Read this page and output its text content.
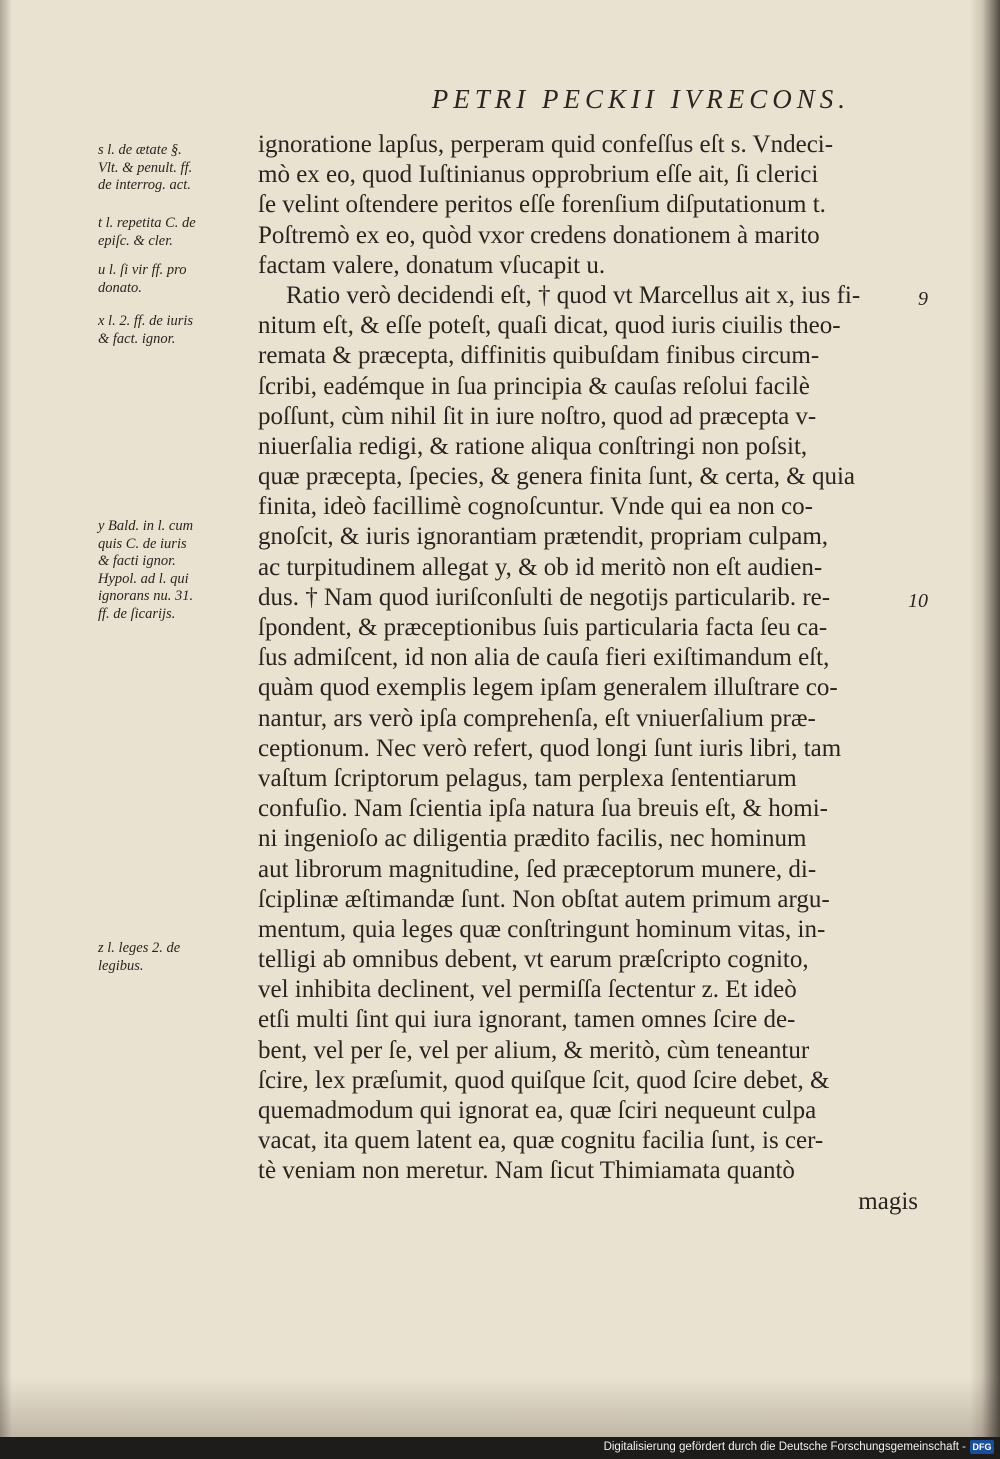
PETRI PECKII IVRECONS.
ignoratione lapſus, perperam quid confeſſus eſt s. Vndeci-
mò ex eo, quod Iuſtinianus opprobrium eſſe ait, ſi clerici
ſe velint oſtendere peritos eſſe forenſium diſputationum t.
Poſtremò ex eo, quòd vxor credens donationem à marito
factam valere, donatum vſucapit u.
Ratio verò decidendi eſt, † quod vt Marcellus ait x, ius fi-
nitum eſt, & eſſe poteſt, quaſi dicat, quod iuris ciuilis theo-
remata & præcepta, diffinitis quibuſdam finibus circum-
ſcribi, eadémque in ſua principia & cauſas reſolui facilè
poſſunt, cùm nihil ſit in iure noſtro, quod ad præcepta v-
niuerſalia redigi, & ratione aliqua conſtringi non poſsit,
quæ præcepta, ſpecies, & genera finita ſunt, & certa, & quia
finita, ideò facillimè cognoſcuntur. Vnde qui ea non co-
gnoſcit, & iuris ignorantiam prætendit, propriam culpam,
ac turpitudinem allegat y, & ob id meritò non eſt audien-
dus. † Nam quod iuriſconſulti de negotijs particularib. re-
ſpondent, & præceptionibus ſuis particularia facta ſeu ca-
ſus admiſcent, id non alia de cauſa fieri exiſtimandum eſt,
quàm quod exemplis legem ipſam generalem illuſtrare co-
nantur, ars verò ipſa comprehenſa, eſt vniuerſalium præ-
ceptionum. Nec verò refert, quod longi ſunt iuris libri, tam
vaſtum ſcriptorum pelagus, tam perplexa ſententiarum
confuſio. Nam ſcientia ipſa natura ſua breuis eſt, & homi-
ni ingenioſo ac diligentia prædito facilis, nec hominum
aut librorum magnitudine, ſed præceptorum munere, di-
ſciplinæ æſtimandæ ſunt. Non obſtat autem primum argu-
mentum, quia leges quæ conſtringunt hominum vitas, in-
telligi ab omnibus debent, vt earum præſcripto cognito,
vel inhibita declinent, vel permiſſa ſectentur z. Et ideò
etſi multi ſint qui iura ignorant, tamen omnes ſcire de-
bent, vel per ſe, vel per alium, & meritò, cùm teneantur
ſcire, lex præſumit, quod quiſque ſcit, quod ſcire debet, &
quemadmodum qui ignorat ea, quæ ſciri nequeunt culpa
vacat, ita quem latent ea, quæ cognitu facilia ſunt, is cer-
tè veniam non meretur. Nam ſicut Thimiamata quantò
magis
s l. de ætate §.
Vlt. & penult. ff.
de interrog. act.
t l. repetita C. de
epiſc. & cler.
u l. ſi vir ff. pro
donato.
x l. 2. ff. de iuris
& fact. ignor.
y Bald. in l. cum
quis C. de iuris
& facti ignor.
Hypol. ad l. qui
ignorans nu. 31.
ff. de ſicarijs.
z l. leges 2. de
legibus.
9
10
Digitalisierung gefördert durch die Deutsche Forschungsgemeinschaft - DFG
